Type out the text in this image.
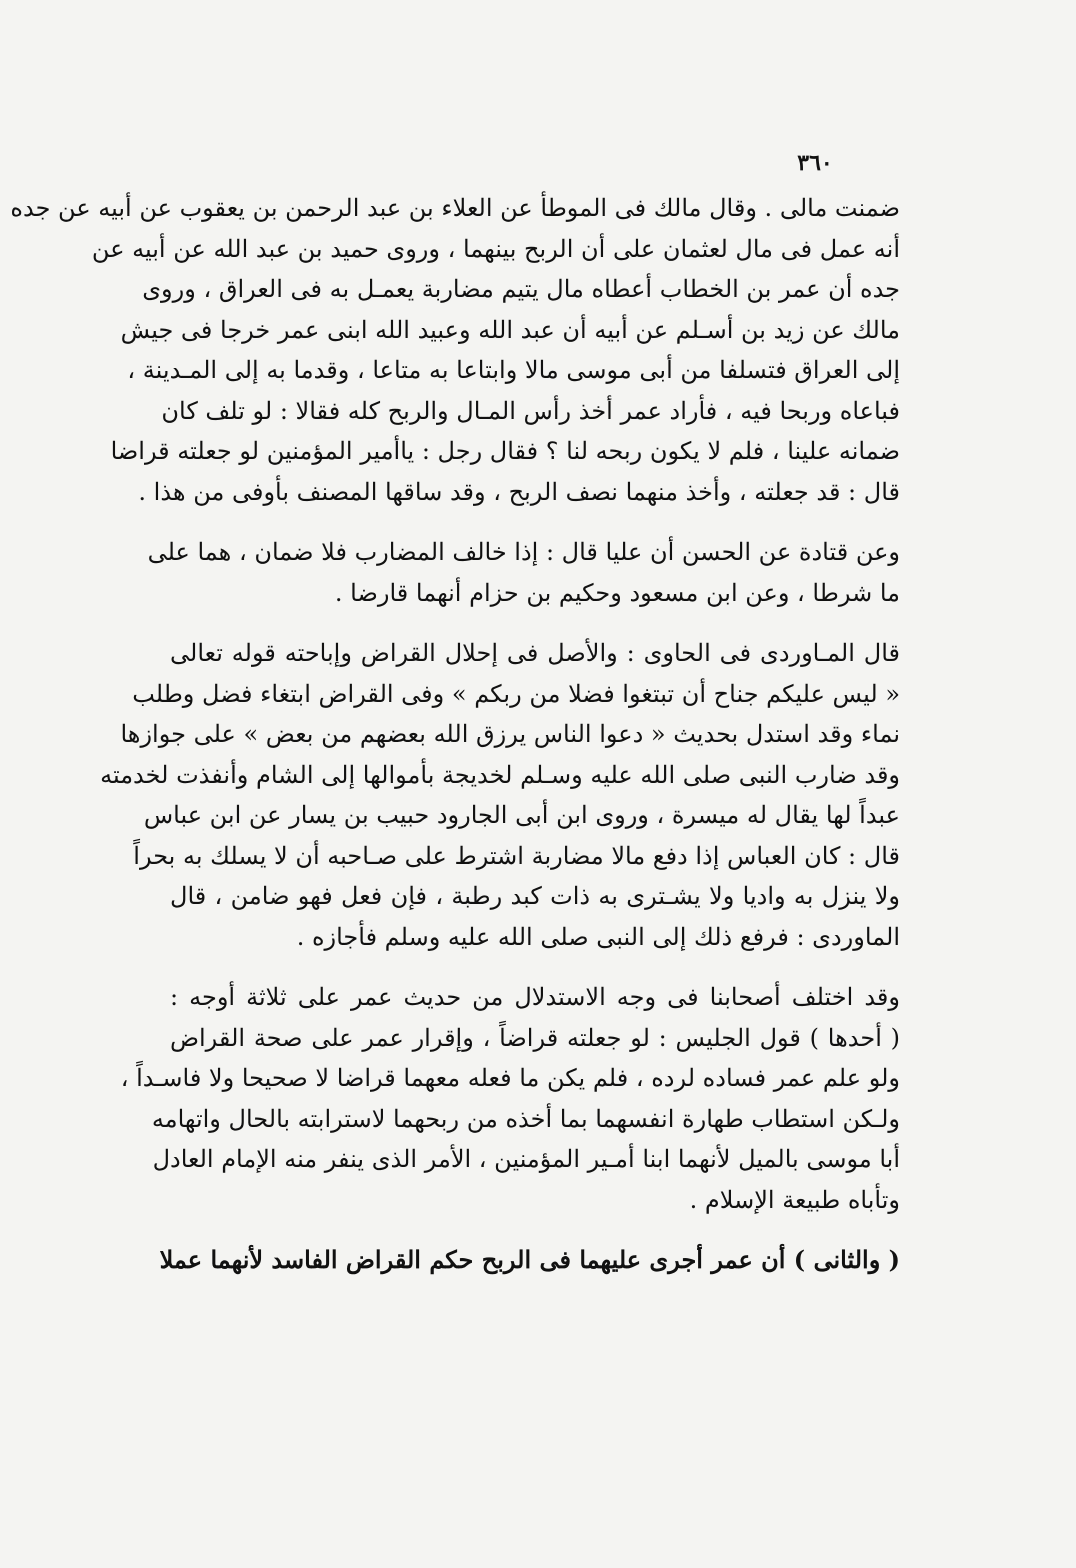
٣٦٠
ضمنت مالى . وقال مالك فى الموطأ عن العلاء بن عبد الرحمن بن يعقوب عن أبيه عن جده
أنه عمل فى مال لعثمان على أن الربح بينهما ، وروى حميد بن عبد الله عن أبيه عن
جده أن عمر بن الخطاب أعطاه مال يتيم مضاربة يعمـل به فى العراق ، وروى
مالك عن زيد بن أسـلم عن أبيه أن عبد الله وعبيد الله ابنى عمر خرجا فى جيش
إلى العراق فتسلفا من أبى موسى مالا وابتاعا به متاعا ، وقدما به إلى المـدينة ،
فباعاه وربحا فيه ، فأراد عمر أخذ رأس المـال والربح كله فقالا : لو تلف كان
ضمانه علينا ، فلم لا يكون ربحه لنا ؟ فقال رجل : ياأمير المؤمنين لو جعلته قراضا
قال : قد جعلته ، وأخذ منهما نصف الربح ، وقد ساقها المصنف بأوفى من هذا .
وعن قتادة عن الحسن أن عليا قال : إذا خالف المضارب فلا ضمان ، هما على
ما شرطا ، وعن ابن مسعود وحكيم بن حزام أنهما قارضا .
قال المـاوردى فى الحاوى : والأصل فى إحلال القراض وإباحته قوله تعالى
« ليس عليكم جناح أن تبتغوا فضلا من ربكم » وفى القراض ابتغاء فضل وطلب
نماء وقد استدل بحديث « دعوا الناس يرزق الله بعضهم من بعض » على جوازها
وقد ضارب النبى صلى الله عليه وسـلم لخديجة بأموالها إلى الشام وأنفذت لخدمته
عبداً لها يقال له ميسرة ، وروى ابن أبى الجارود حبيب بن يسار عن ابن عباس
قال : كان العباس إذا دفع مالا مضاربة اشترط على صـاحبه أن لا يسلك به بحراً
ولا ينزل به واديا ولا يشـترى به ذات كبد رطبة ، فإن فعل فهو ضامن ، قال
الماوردى : فرفع ذلك إلى النبى صلى الله عليه وسلم فأجازه .
وقد اختلف أصحابنا فى وجه الاستدلال من حديث عمر على ثلاثة أوجه :
( أحدها ) قول الجليس : لو جعلته قراضاً ، وإقرار عمر على صحة القراض
ولو علم عمر فساده لرده ، فلم يكن ما فعله معهما قراضا لا صحيحا ولا فاسـداً ،
ولـكن استطاب طهارة انفسهما بما أخذه من ربحهما لاسترابته بالحال واتهامه
أبا موسى بالميل لأنهما ابنا أمـير المؤمنين ، الأمر الذى ينفر منه الإمام العادل
وتأباه طبيعة الإسلام .
( والثانى ) أن عمر أجرى عليهما فى الربح حكم القراض الفاسد لأنهما عملا
